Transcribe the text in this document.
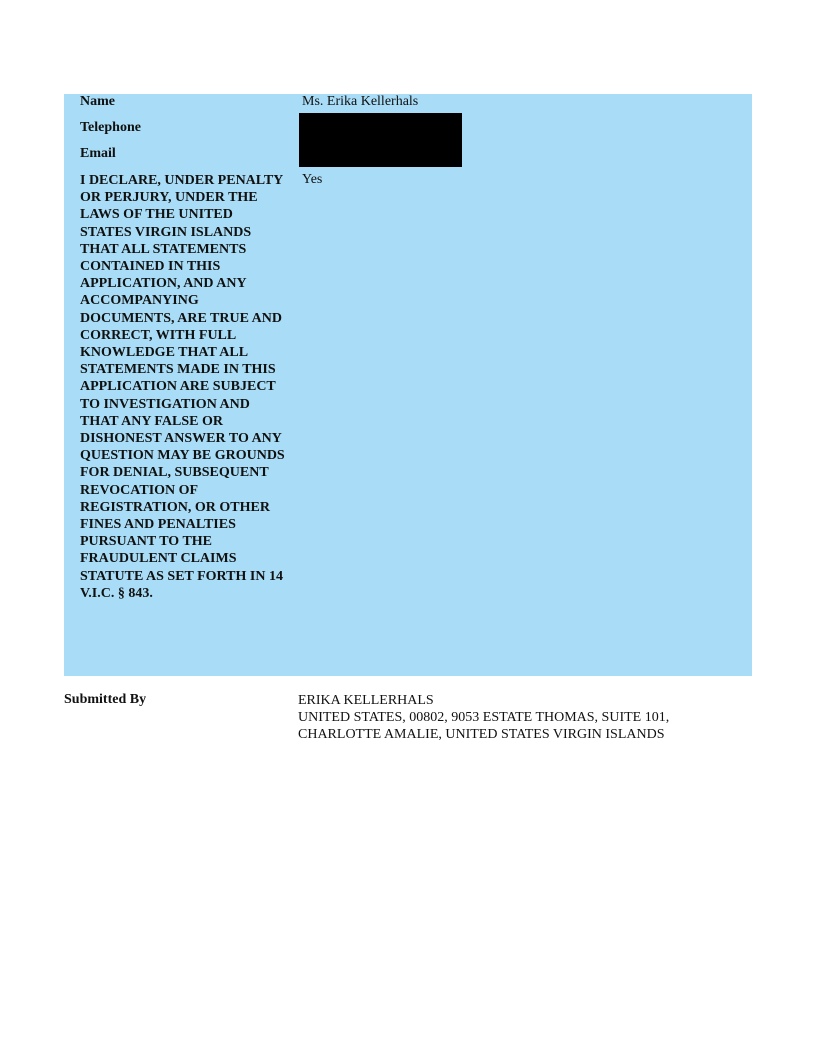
Name	Ms. Erika Kellerhals
Telephone
Email
I DECLARE, UNDER PENALTY OR PERJURY, UNDER THE LAWS OF THE UNITED STATES VIRGIN ISLANDS THAT ALL STATEMENTS CONTAINED IN THIS APPLICATION, AND ANY ACCOMPANYING DOCUMENTS, ARE TRUE AND CORRECT, WITH FULL KNOWLEDGE THAT ALL STATEMENTS MADE IN THIS APPLICATION ARE SUBJECT TO INVESTIGATION AND THAT ANY FALSE OR DISHONEST ANSWER TO ANY QUESTION MAY BE GROUNDS FOR DENIAL, SUBSEQUENT REVOCATION OF REGISTRATION, OR OTHER FINES AND PENALTIES PURSUANT TO THE FRAUDULENT CLAIMS STATUTE AS SET FORTH IN 14 V.I.C. § 843.
Yes
Submitted By	ERIKA KELLERHALS
UNITED STATES, 00802, 9053 ESTATE THOMAS, SUITE 101,
CHARLOTTE AMALIE, UNITED STATES VIRGIN ISLANDS
